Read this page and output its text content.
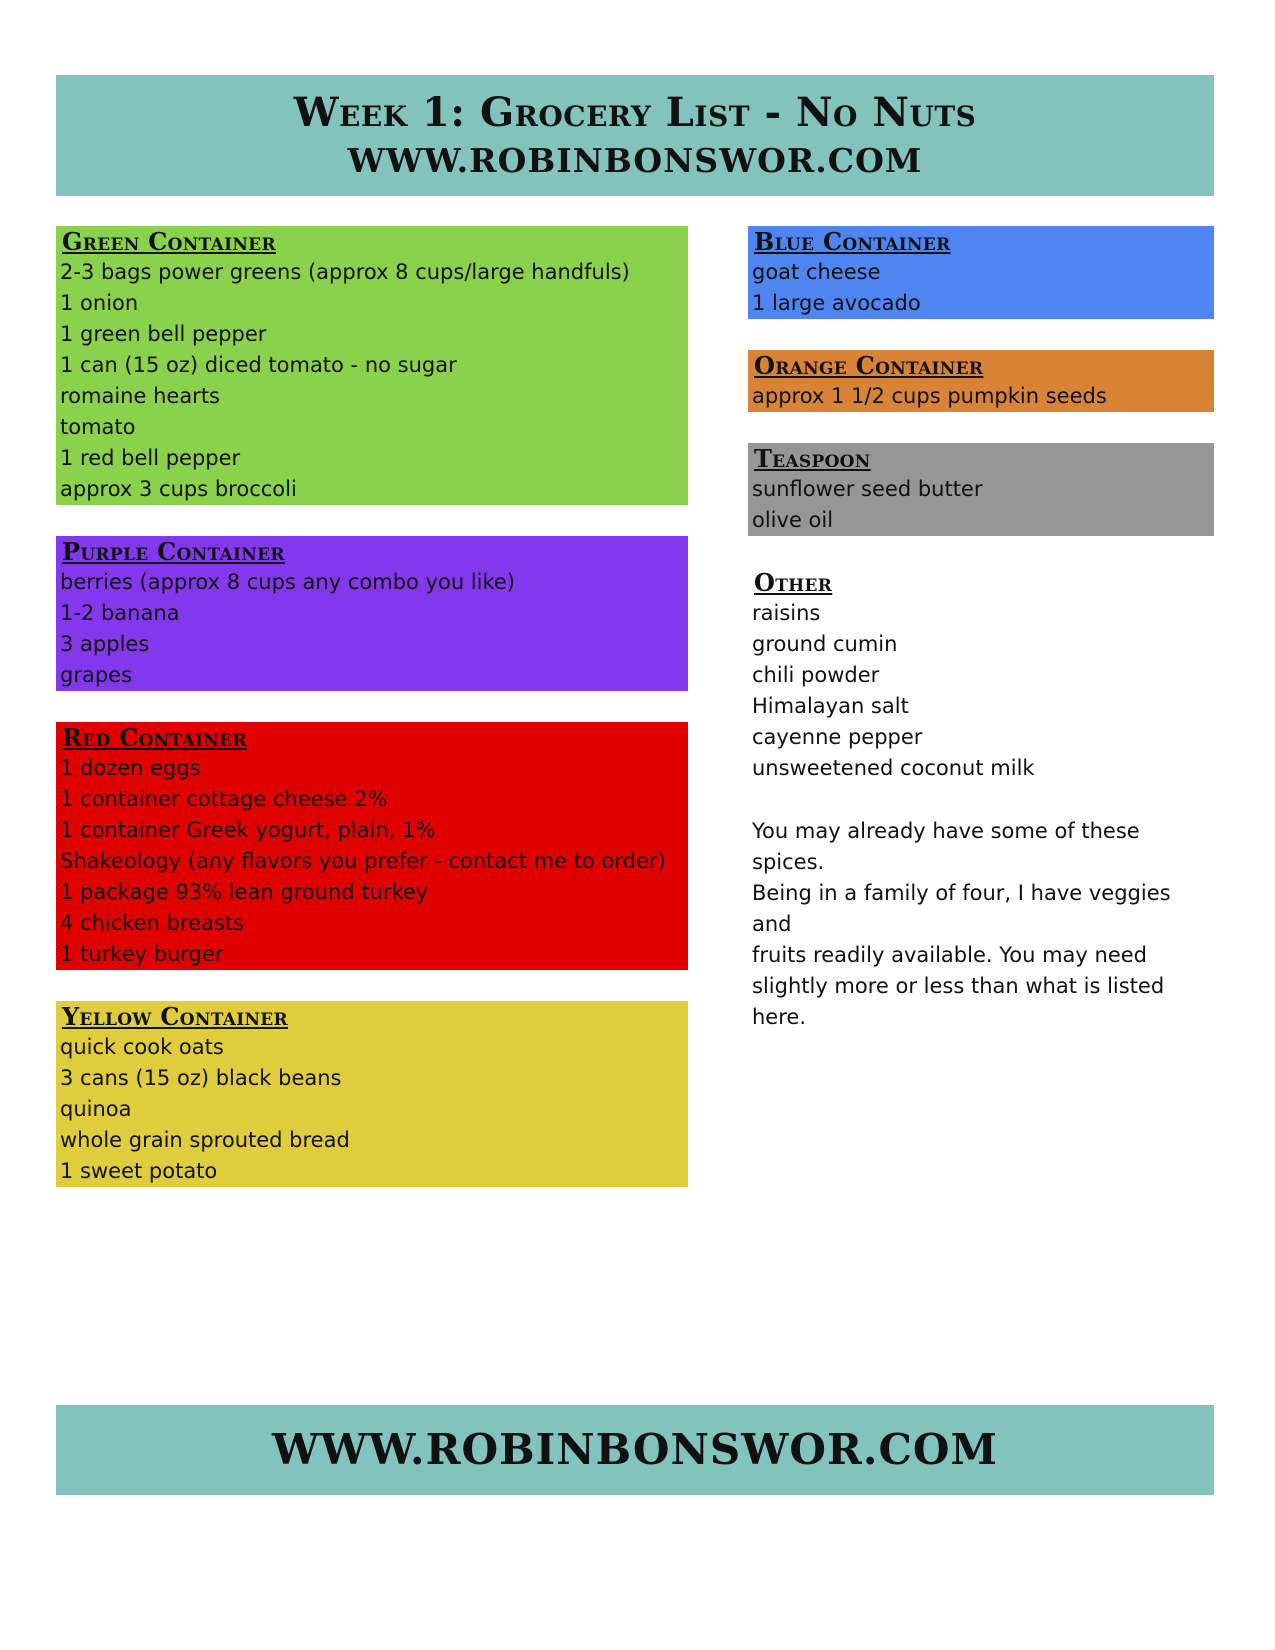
Week 1: Grocery List - No Nuts
WWW.ROBINBONSWOR.COM
Green Container
2-3 bags power greens (approx 8 cups/large handfuls)
1 onion
1 green bell pepper
1 can (15 oz) diced tomato - no sugar
romaine hearts
tomato
1 red bell pepper
approx 3 cups broccoli
Purple Container
berries (approx 8 cups any combo you like)
1-2 banana
3 apples
grapes
Red Container
1 dozen eggs
1 container cottage cheese 2%
1 container Greek yogurt, plain, 1%
Shakeology (any flavors you prefer - contact me to order)
1 package 93% lean ground turkey
4 chicken breasts
1 turkey burger
Yellow Container
quick cook oats
3 cans (15 oz) black beans
quinoa
whole grain sprouted bread
1 sweet potato
Blue Container
goat cheese
1 large avocado
Orange Container
approx 1 1/2 cups pumpkin seeds
Teaspoon
sunflower seed butter
olive oil
Other
raisins
ground cumin
chili powder
Himalayan salt
cayenne pepper
unsweetened coconut milk
You may already have some of these spices.
Being in a family of four, I have veggies and
fruits readily available. You may need
slightly more or less than what is listed here.
WWW.ROBINBONSWOR.COM
